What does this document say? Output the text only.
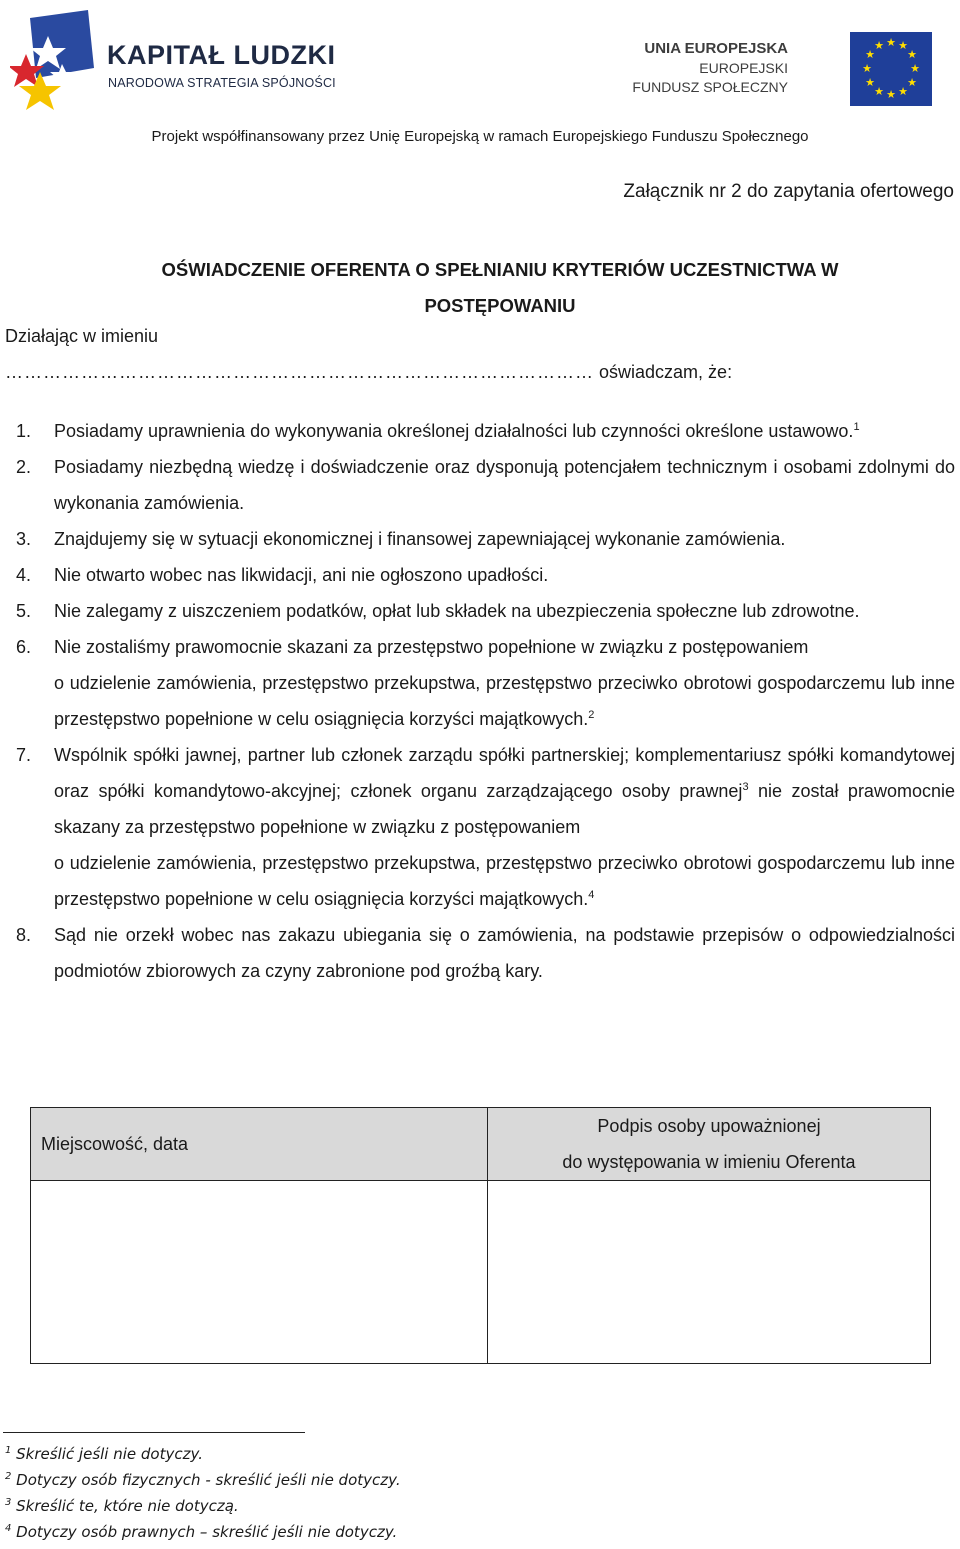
KAPITAŁ LUDZKI
NARODOWA STRATEGIA SPÓJNOŚCI
UNIA EUROPEJSKA
EUROPEJSKI
FUNDUSZ SPOŁECZNY
★ ★
★
★
★
★
★
★
★
★
★
★
Projekt współfinansowany przez Unię Europejską w ramach Europejskiego Funduszu Społecznego
Załącznik nr 2 do zapytania ofertowego
OŚWIADCZENIE OFERENTA O SPEŁNIANIU KRYTERIÓW UCZESTNICTWA W
POSTĘPOWANIU
Działając w imieniu
………………………………………………………………………………… oświadczam, że:
1. Posiadamy uprawnienia do wykonywania określonej działalności lub czynności określone ustawowo.$^1$
2. Posiadamy niezbędną wiedzę i doświadczenie oraz dysponują potencjałem technicznym i osobami zdolnymi do wykonania zamówienia.
3. Znajdujemy się w sytuacji ekonomicznej i finansowej zapewniającej wykonanie zamówienia.
4. Nie otwarto wobec nas likwidacji, ani nie ogłoszono upadłości.
5. Nie zalegamy z uiszczeniem podatków, opłat lub składek na ubezpieczenia społeczne lub zdrowotne.
6. Nie zostaliśmy prawomocnie skazani za przestępstwo popełnione w związku z postępowaniem
o udzielenie zamówienia, przestępstwo przekupstwa, przestępstwo przeciwko obrotowi gospodarczemu lub inne przestępstwo popełnione w celu osiągnięcia korzyści majątkowych.$^2$
7. Wspólnik spółki jawnej, partner lub członek zarządu spółki partnerskiej; komplementariusz spółki komandytowej oraz spółki komandytowo-akcyjnej; członek organu zarządzającego osoby prawnej$^3$ nie został prawomocnie skazany za przestępstwo popełnione w związku z postępowaniem
o udzielenie zamówienia, przestępstwo przekupstwa, przestępstwo przeciwko obrotowi gospodarczemu lub inne przestępstwo popełnione w celu osiągnięcia korzyści majątkowych.$^4$
8. Sąd nie orzekł wobec nas zakazu ubiegania się o zamówienia, na podstawie przepisów o odpowiedzialności podmiotów zbiorowych za czyny zabronione pod groźbą kary.
Miejscowość, data	Podpis osoby upoważnionej
do występowania w imieniu Oferenta

$^1$ Skreślić jeśli nie dotyczy.
$^2$ Dotyczy osób fizycznych - skreślić jeśli nie dotyczy.
$^3$ Skreślić te, które nie dotyczą.
$^4$ Dotyczy osób prawnych – skreślić jeśli nie dotyczy.
